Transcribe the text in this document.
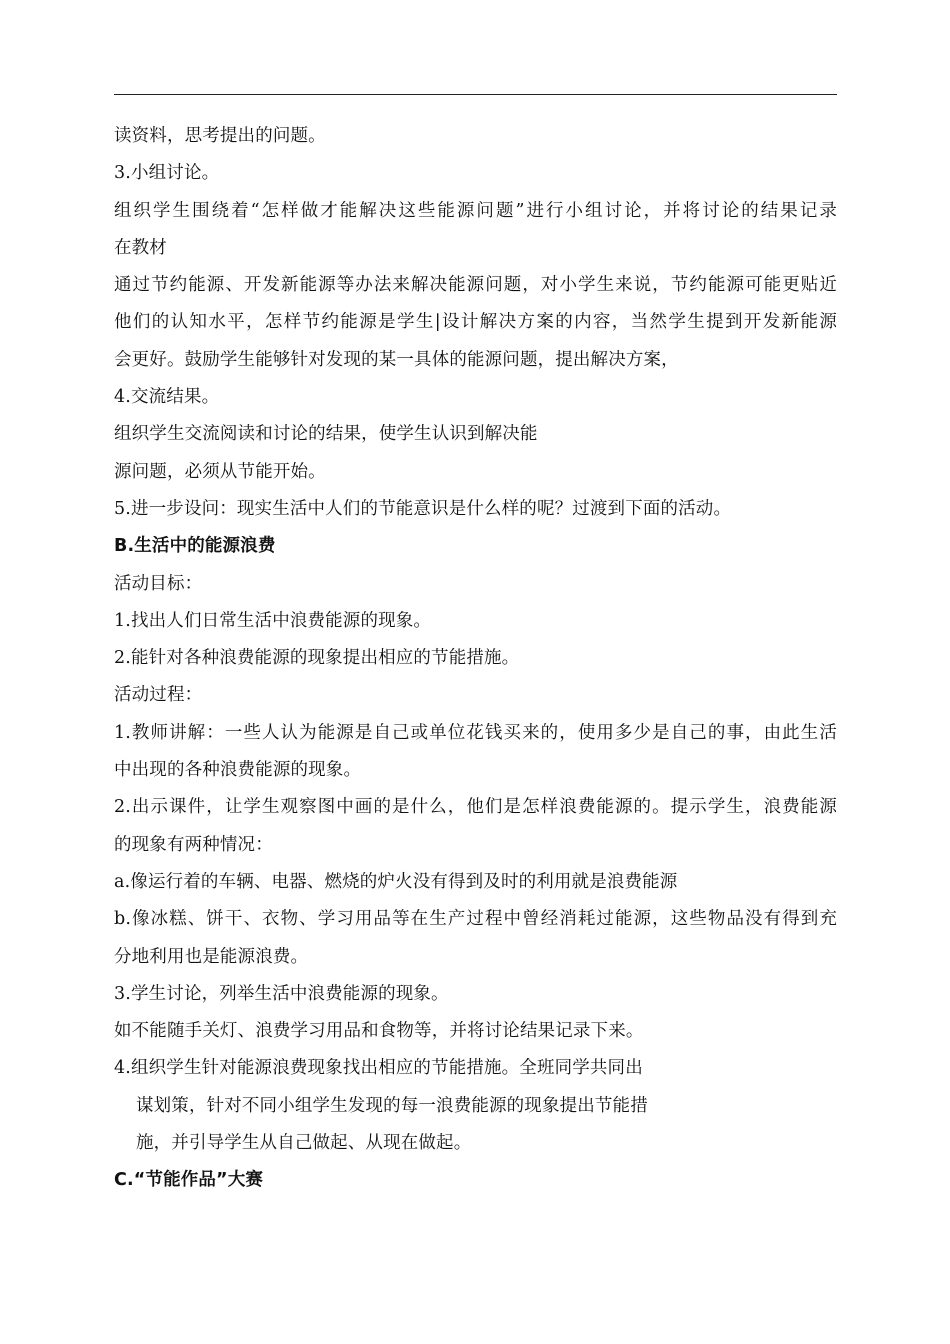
读资料，思考提出的问题。
3.小组讨论。
组织学生围绕着“怎样做才能解决这些能源问题”进行小组讨论，并将讨论的结果记录
在教材
通过节约能源、开发新能源等办法来解决能源问题，对小学生来说，节约能源可能更贴近
他们的认知水平，怎样节约能源是学生|设计解决方案的内容，当然学生提到开发新能源
会更好。鼓励学生能够针对发现的某一具体的能源问题，提出解决方案，
4.交流结果。
组织学生交流阅读和讨论的结果，使学生认识到解决能
源问题，必须从节能开始。
5.进一步设问：现实生活中人们的节能意识是什么样的呢？过渡到下面的活动。
B.生活中的能源浪费
活动目标：
1.找出人们日常生活中浪费能源的现象。
2.能针对各种浪费能源的现象提出相应的节能措施。
活动过程：
1.教师讲解：一些人认为能源是自己或单位花钱买来的，使用多少是自己的事，由此生活
中出现的各种浪费能源的现象。
2.出示课件，让学生观察图中画的是什么，他们是怎样浪费能源的。提示学生，浪费能源
的现象有两种情况：
a.像运行着的车辆、电器、燃烧的炉火没有得到及时的利用就是浪费能源
b.像冰糕、饼干、衣物、学习用品等在生产过程中曾经消耗过能源，这些物品没有得到充
分地利用也是能源浪费。
3.学生讨论，列举生活中浪费能源的现象。
如不能随手关灯、浪费学习用品和食物等，并将讨论结果记录下来。
4.组织学生针对能源浪费现象找出相应的节能措施。全班同学共同出
谋划策，针对不同小组学生发现的每一浪费能源的现象提出节能措
施，并引导学生从自己做起、从现在做起。
C.“节能作品”大赛
